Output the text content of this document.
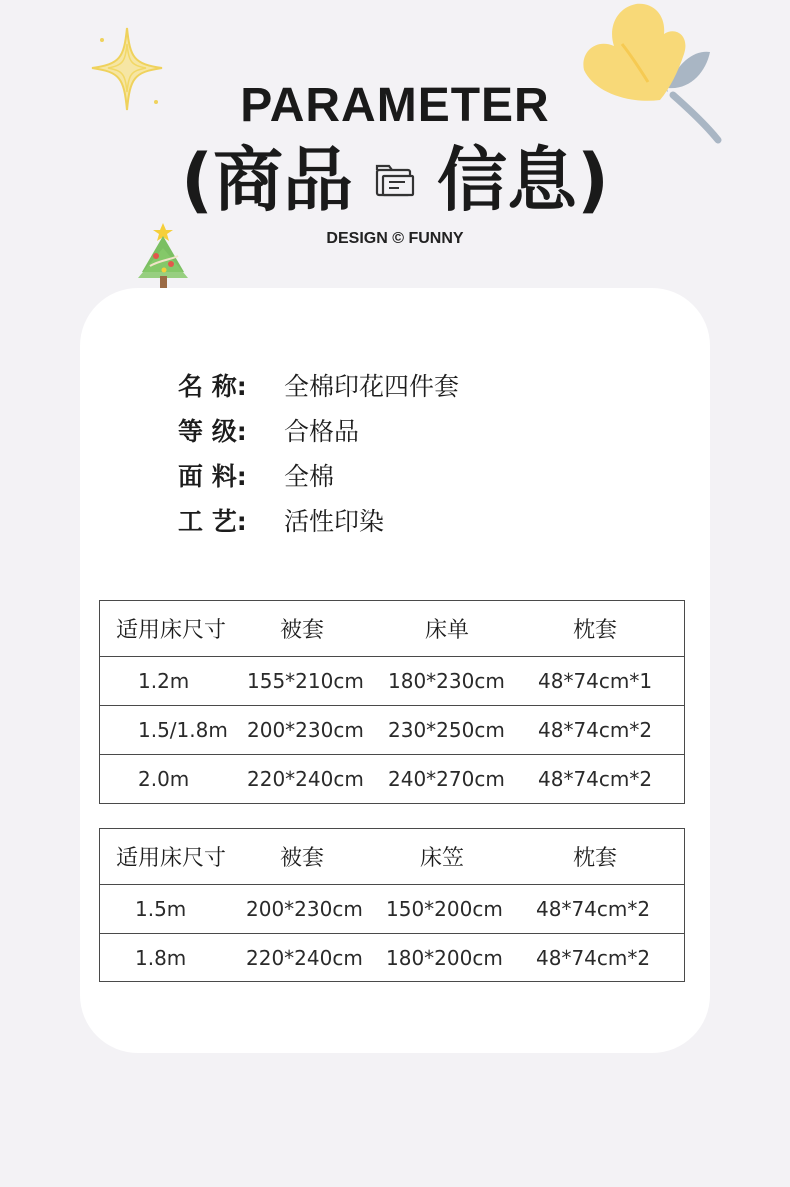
PARAMETER
(商品 信息)
DESIGN © FUNNY
名 称:	全棉印花四件套
等 级:	合格品
面 料:	全棉
工 艺:	活性印染
适用床尺寸 被套	床单	枕套
1.2m	155*210cm 180*230cm 48*74cm*1
1.5/1.8m 200*230cm 230*250cm 48*74cm*2
2.0m	220*240cm 240*270cm 48*74cm*2
适用床尺寸 被套	床笠	枕套
1.5m	200*230cm 150*200cm 48*74cm*2
1.8m	220*240cm 180*200cm 48*74cm*2
